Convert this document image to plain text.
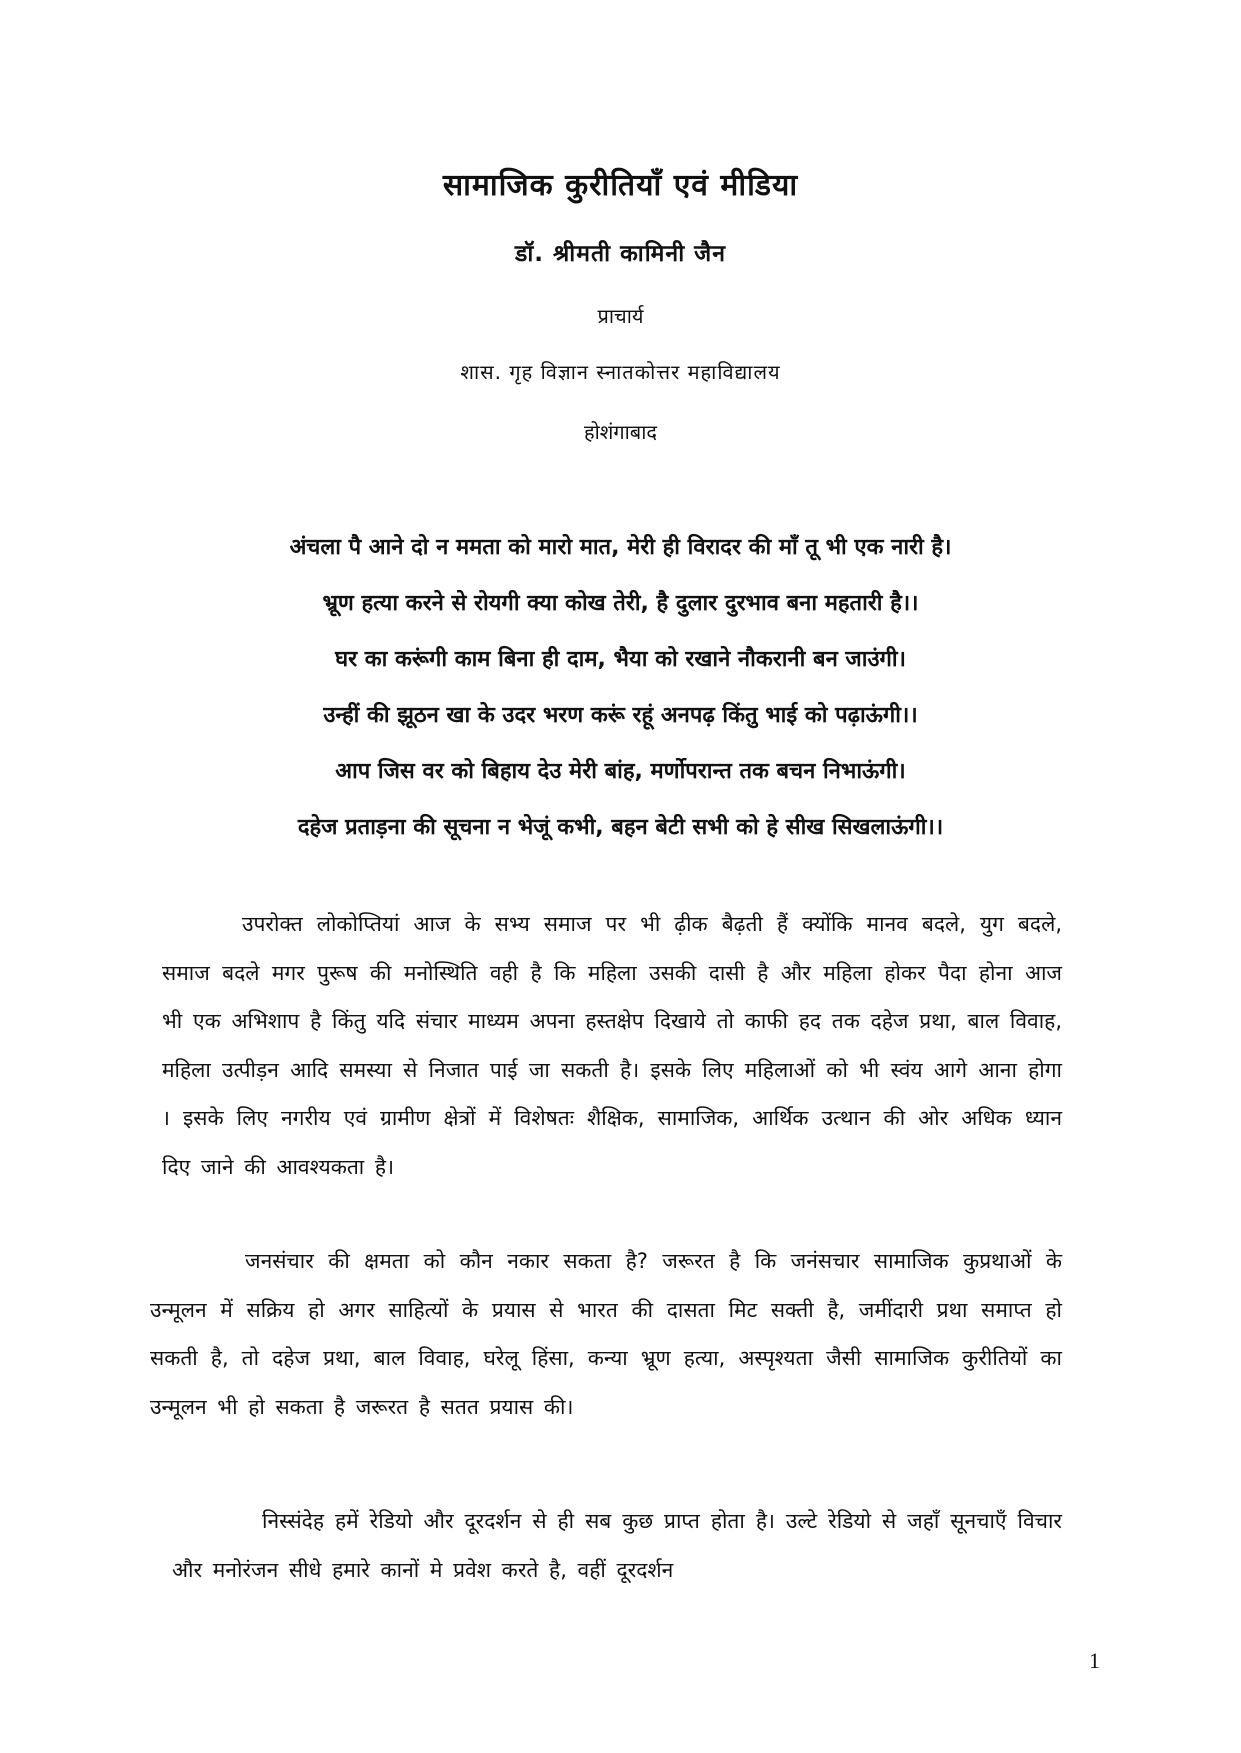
सामाजिक कुरीतियाँ एवं मीडिया
डॉ. श्रीमती कामिनी जैन
प्राचार्य
शास. गृह विज्ञान स्नातकोत्तर महाविद्यालय
होशंगाबाद
अंचला पै आने दो न ममता को मारो मात, मेरी ही विरादर की माँ तू भी एक नारी है।
भ्रूण हत्या करने से रोयगी क्या कोख तेरी, है दुलार दुरभाव बना महतारी है।।
घर का करूंगी काम बिना ही दाम, भैया को रखाने नौकरानी बन जाउंगी।
उन्हीं की झूठन खा के उदर भरण करूं रहूं अनपढ़ किंतु भाई को पढ़ाऊंगी।।
आप जिस वर को बिहाय देउ मेरी बांह, मर्णोपरान्त तक बचन निभाऊंगी।
दहेज प्रताड़ना की सूचना न भेजूं कभी, बहन बेटी सभी को हे सीख सिखलाऊंगी।।

उपरोक्त लोकोप्तियां आज के सभ्य समाज पर भी ढ़ीक बैढ़ती हैं क्योंकि मानव बदले, युग बदले, समाज बदले मगर पुरूष की मनोस्थिति वही है कि महिला उसकी दासी है और महिला होकर पैदा होना आज भी एक अभिशाप है किंतु यदि संचार माध्यम अपना हस्तक्षेप दिखाये तो काफी हद तक दहेज प्रथा, बाल विवाह, महिला उत्पीड़न आदि समस्या से निजात पाई जा सकती है। इसके लिए महिलाओं को भी स्वंय आगे आना होगा । इसके लिए नगरीय एवं ग्रामीण क्षेत्रों में विशेषतः शैक्षिक, सामाजिक, आर्थिक उत्थान की ओर अधिक ध्यान दिए जाने की आवश्यकता है।

जनसंचार की क्षमता को कौन नकार सकता है? जरूरत है कि जनंसचार सामाजिक कुप्रथाओं के उन्मूलन में सक्रिय हो अगर साहित्यों के प्रयास से भारत की दासता मिट सक्ती है, जमींदारी प्रथा समाप्त हो सकती है, तो दहेज प्रथा, बाल विवाह, घरेलू हिंसा, कन्या भ्रूण हत्या, अस्पृश्यता जैसी सामाजिक कुरीतियों का उन्मूलन भी हो सकता है जरूरत है सतत प्रयास की।

निस्संदेह हमें रेडियो और दूरदर्शन से ही सब कुछ प्राप्त होता है। उल्टे रेडियो से जहाँ सूनचाएँ विचार और मनोरंजन सीधे हमारे कानों मे प्रवेश करते है, वहीं दूरदर्शन

1
